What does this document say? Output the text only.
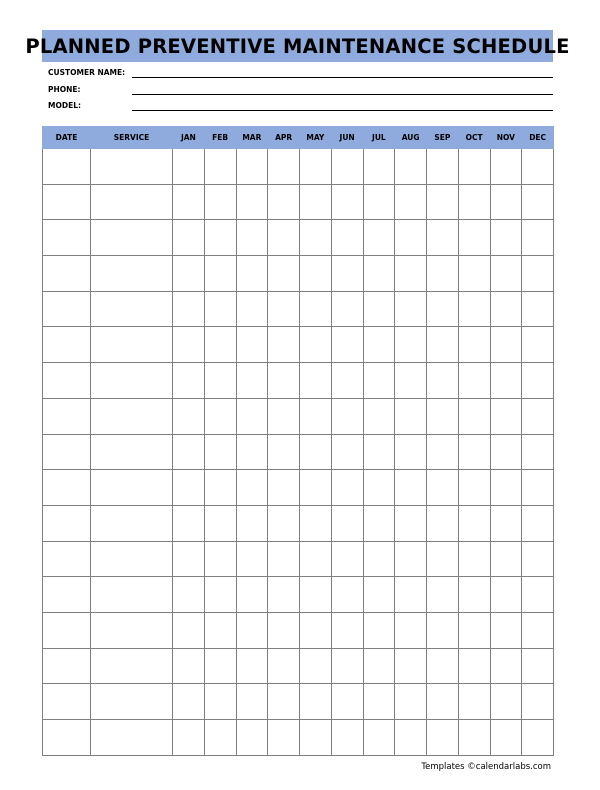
PLANNED PREVENTIVE MAINTENANCE SCHEDULE
CUSTOMER NAME:
PHONE:
MODEL:
DATE	SERVICE	JAN	FEB	MAR	APR	MAY	JUN	JUL	AUG	SEP	OCT	NOV	DEC

Templates ©calendarlabs.com
